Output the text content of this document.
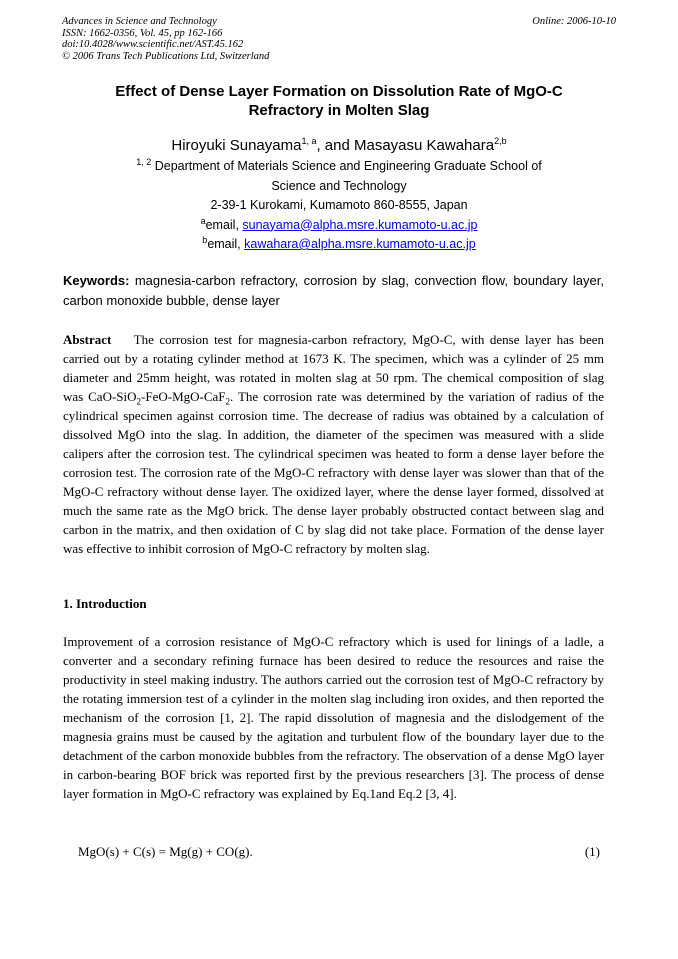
Advances in Science and Technology
ISSN: 1662-0356, Vol. 45, pp 162-166
doi:10.4028/www.scientific.net/AST.45.162
© 2006 Trans Tech Publications Ltd, Switzerland
Online: 2006-10-10
Effect of Dense Layer Formation on Dissolution Rate of MgO-C
Refractory in Molten Slag
Hiroyuki Sunayama$^{1, a}$, and Masayasu Kawahara$^{2,b}$
$^{1, 2}$ Department of Materials Science and Engineering Graduate School of
Science and Technology
2-39-1 Kurokami, Kumamoto 860-8555, Japan
$^a$email, sunayama@alpha.msre.kumamoto-u.ac.jp
$^b$email, kawahara@alpha.msre.kumamoto-u.ac.jp
Keywords: magnesia-carbon refractory, corrosion by slag, convection flow, boundary layer, carbon monoxide bubble, dense layer
Abstract The corrosion test for magnesia-carbon refractory, MgO-C, with dense layer has been carried out by a rotating cylinder method at 1673 K. The specimen, which was a cylinder of 25 mm diameter and 25mm height, was rotated in molten slag at 50 rpm. The chemical composition of slag was CaO-SiO$_2$-FeO-MgO-CaF$_2$. The corrosion rate was determined by the variation of radius of the cylindrical specimen against corrosion time. The decrease of radius was obtained by a calculation of dissolved MgO into the slag. In addition, the diameter of the specimen was measured with a slide calipers after the corrosion test. The cylindrical specimen was heated to form a dense layer before the corrosion test. The corrosion rate of the MgO-C refractory with dense layer was slower than that of the MgO-C refractory without dense layer. The oxidized layer, where the dense layer formed, dissolved at much the same rate as the MgO brick. The dense layer probably obstructed contact between slag and carbon in the matrix, and then oxidation of C by slag did not take place. Formation of the dense layer was effective to inhibit corrosion of MgO-C refractory by molten slag.
1. Introduction
Improvement of a corrosion resistance of MgO-C refractory which is used for linings of a ladle, a converter and a secondary refining furnace has been desired to reduce the resources and raise the productivity in steel making industry. The authors carried out the corrosion test of MgO-C refractory by the rotating immersion test of a cylinder in the molten slag including iron oxides, and then reported the mechanism of the corrosion [1, 2]. The rapid dissolution of magnesia and the dislodgement of the magnesia grains must be caused by the agitation and turbulent flow of the boundary layer due to the detachment of the carbon monoxide bubbles from the refractory. The observation of a dense MgO layer in carbon-bearing BOF brick was reported first by the previous researchers [3]. The process of dense layer formation in MgO-C refractory was explained by Eq.1and Eq.2 [3, 4].
MgO(s) + C(s) = Mg(g) + CO(g).	(1)
